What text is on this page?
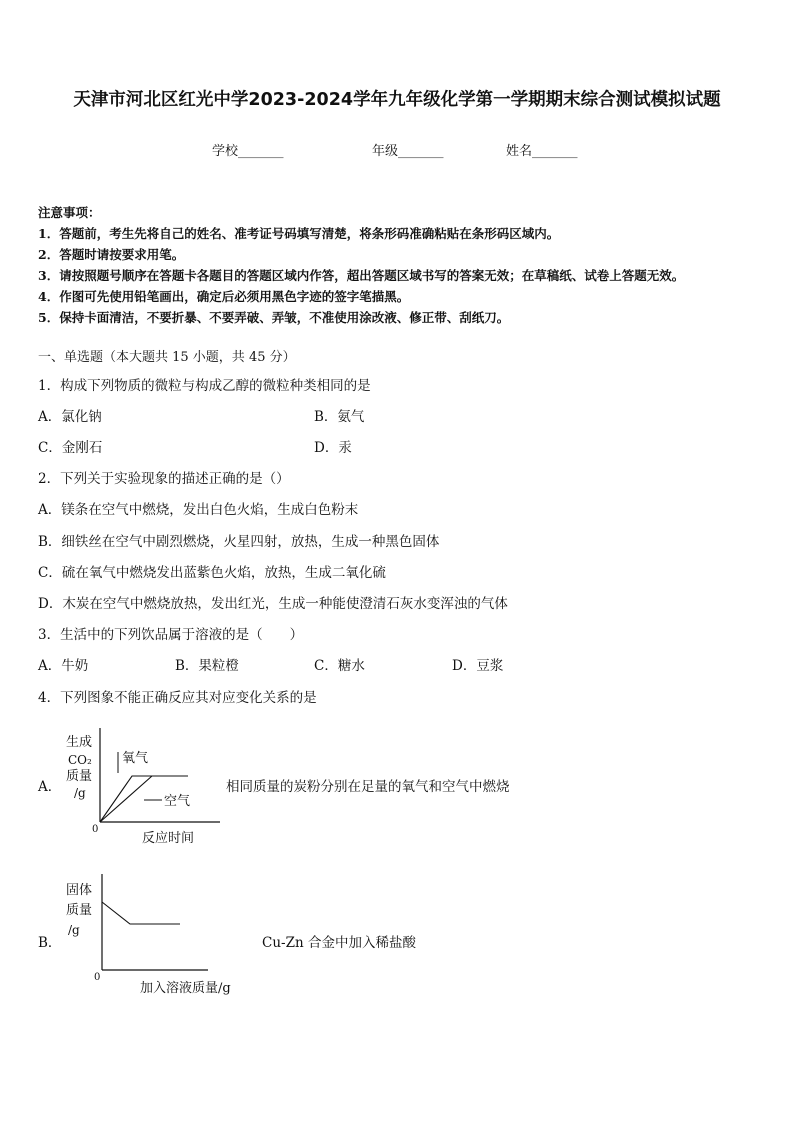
天津市河北区红光中学2023-2024学年九年级化学第一学期期末综合测试模拟试题
学校_______	年级_______	姓名_______
注意事项：
1．答题前，考生先将自己的姓名、准考证号码填写清楚，将条形码准确粘贴在条形码区域内。
2．答题时请按要求用笔。
3．请按照题号顺序在答题卡各题目的答题区域内作答，超出答题区域书写的答案无效；在草稿纸、试卷上答题无效。
4．作图可先使用铅笔画出，确定后必须用黑色字迹的签字笔描黑。
5．保持卡面清洁，不要折暴、不要弄破、弄皱，不准使用涂改液、修正带、刮纸刀。
一、单选题（本大题共 15 小题，共 45 分）
1．构成下列物质的微粒与构成乙醇的微粒种类相同的是
A．氯化钠	B．氨气
C．金刚石	D．汞
2．下列关于实验现象的描述正确的是（）
A．镁条在空气中燃烧，发出白色火焰，生成白色粉末
B．细铁丝在空气中剧烈燃烧，火星四射，放热，生成一种黑色固体
C．硫在氧气中燃烧发出蓝紫色火焰，放热，生成二氧化硫
D．木炭在空气中燃烧放热，发出红光，生成一种能使澄清石灰水变浑浊的气体
3．生活中的下列饮品属于溶液的是（　　）
A．牛奶	B．果粒橙	C．糖水	D．豆浆
4．下列图象不能正确反应其对应变化关系的是
A．
生成
CO₂
质量
/g
氧气
空气
0
反应时间
相同质量的炭粉分别在足量的氧气和空气中燃烧
B．
固体
质量
/g
0
加入溶液质量/g
Cu-Zn 合金中加入稀盐酸
